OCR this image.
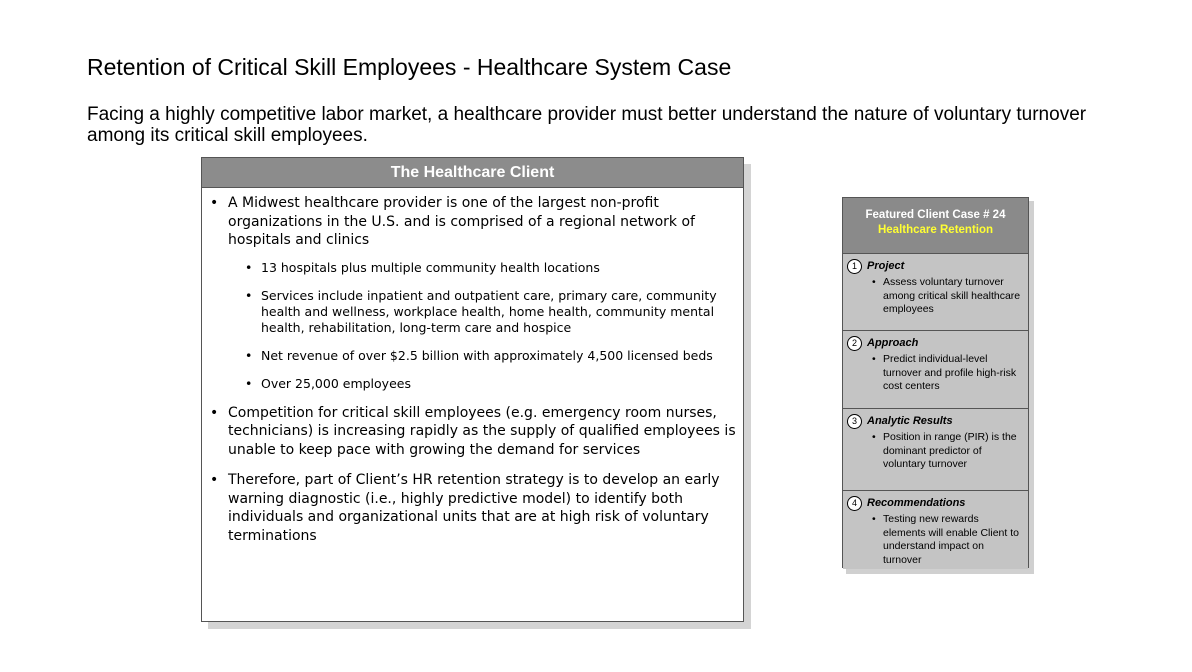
Retention of Critical Skill Employees - Healthcare System Case
Facing a highly competitive labor market, a healthcare provider must better understand the nature of voluntary turnover among its critical skill employees.
The Healthcare Client
• A Midwest healthcare provider is one of the largest non-profit organizations in the U.S. and is comprised of a regional network of hospitals and clinics
• 13 hospitals plus multiple community health locations
• Services include inpatient and outpatient care, primary care, community health and wellness, workplace health, home health, community mental health, rehabilitation, long-term care and hospice
• Net revenue of over $2.5 billion with approximately 4,500 licensed beds
• Over 25,000 employees
• Competition for critical skill employees (e.g. emergency room nurses, technicians) is increasing rapidly as the supply of qualified employees is unable to keep pace with growing the demand for services
• Therefore, part of Client’s HR retention strategy is to develop an early warning diagnostic (i.e., highly predictive model) to identify both individuals and organizational units that are at high risk of voluntary terminations
Featured Client Case # 24
Healthcare Retention
1 Project
• Assess voluntary turnover among critical skill healthcare employees
2 Approach
• Predict individual-level turnover and profile high-risk cost centers
3 Analytic Results
• Position in range (PIR) is the dominant predictor of voluntary turnover
4 Recommendations
• Testing new rewards elements will enable Client to understand impact on turnover
